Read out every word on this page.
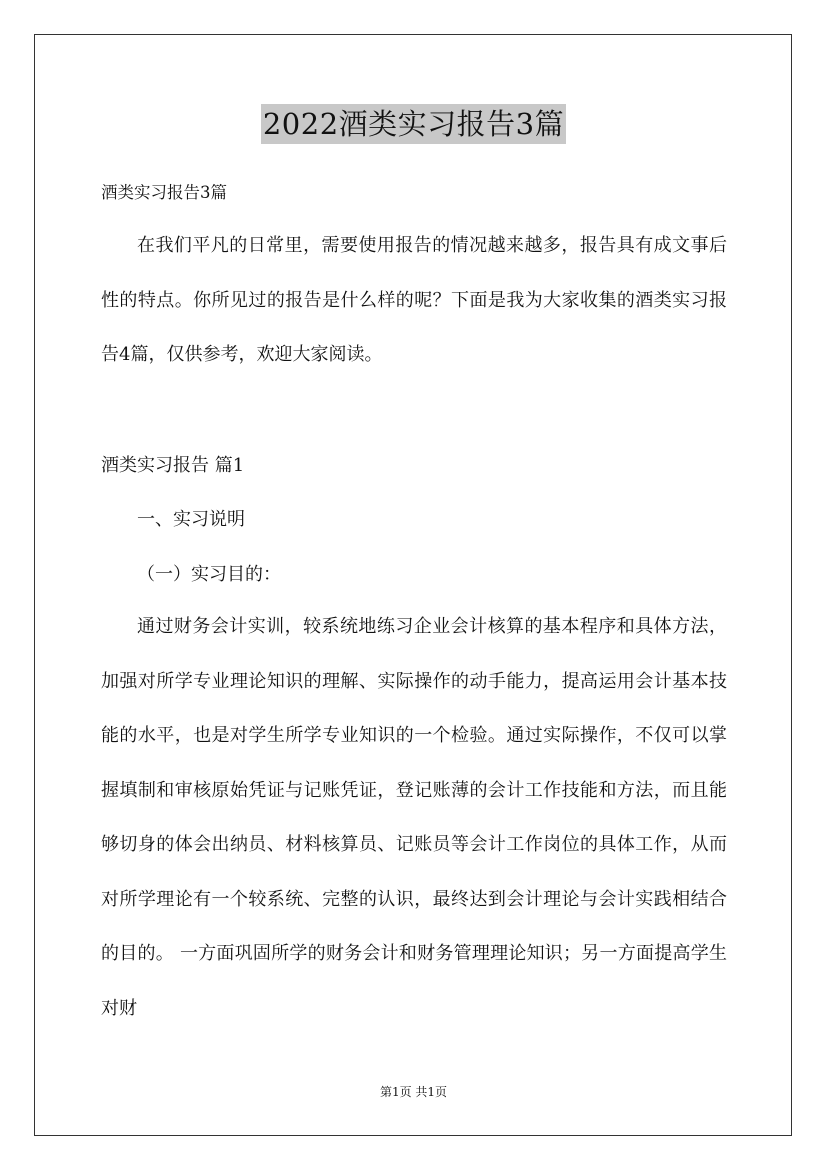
2022酒类实习报告3篇
酒类实习报告3篇

在我们平凡的日常里，需要使用报告的情况越来越多，报告具有成文事后性的特点。你所见过的报告是什么样的呢？下面是我为大家收集的酒类实习报告4篇，仅供参考，欢迎大家阅读。

酒类实习报告 篇1
一、实习说明
（一）实习目的：

通过财务会计实训，较系统地练习企业会计核算的基本程序和具体方法，加强对所学专业理论知识的理解、实际操作的动手能力，提高运用会计基本技能的水平，也是对学生所学专业知识的一个检验。通过实际操作，不仅可以掌握填制和审核原始凭证与记账凭证，登记账薄的会计工作技能和方法，而且能够切身的体会出纳员、材料核算员、记账员等会计工作岗位的具体工作，从而对所学理论有一个较系统、完整的认识，最终达到会计理论与会计实践相结合的目的。 一方面巩固所学的财务会计和财务管理理论知识；另一方面提高学生对财

第1页 共1页
